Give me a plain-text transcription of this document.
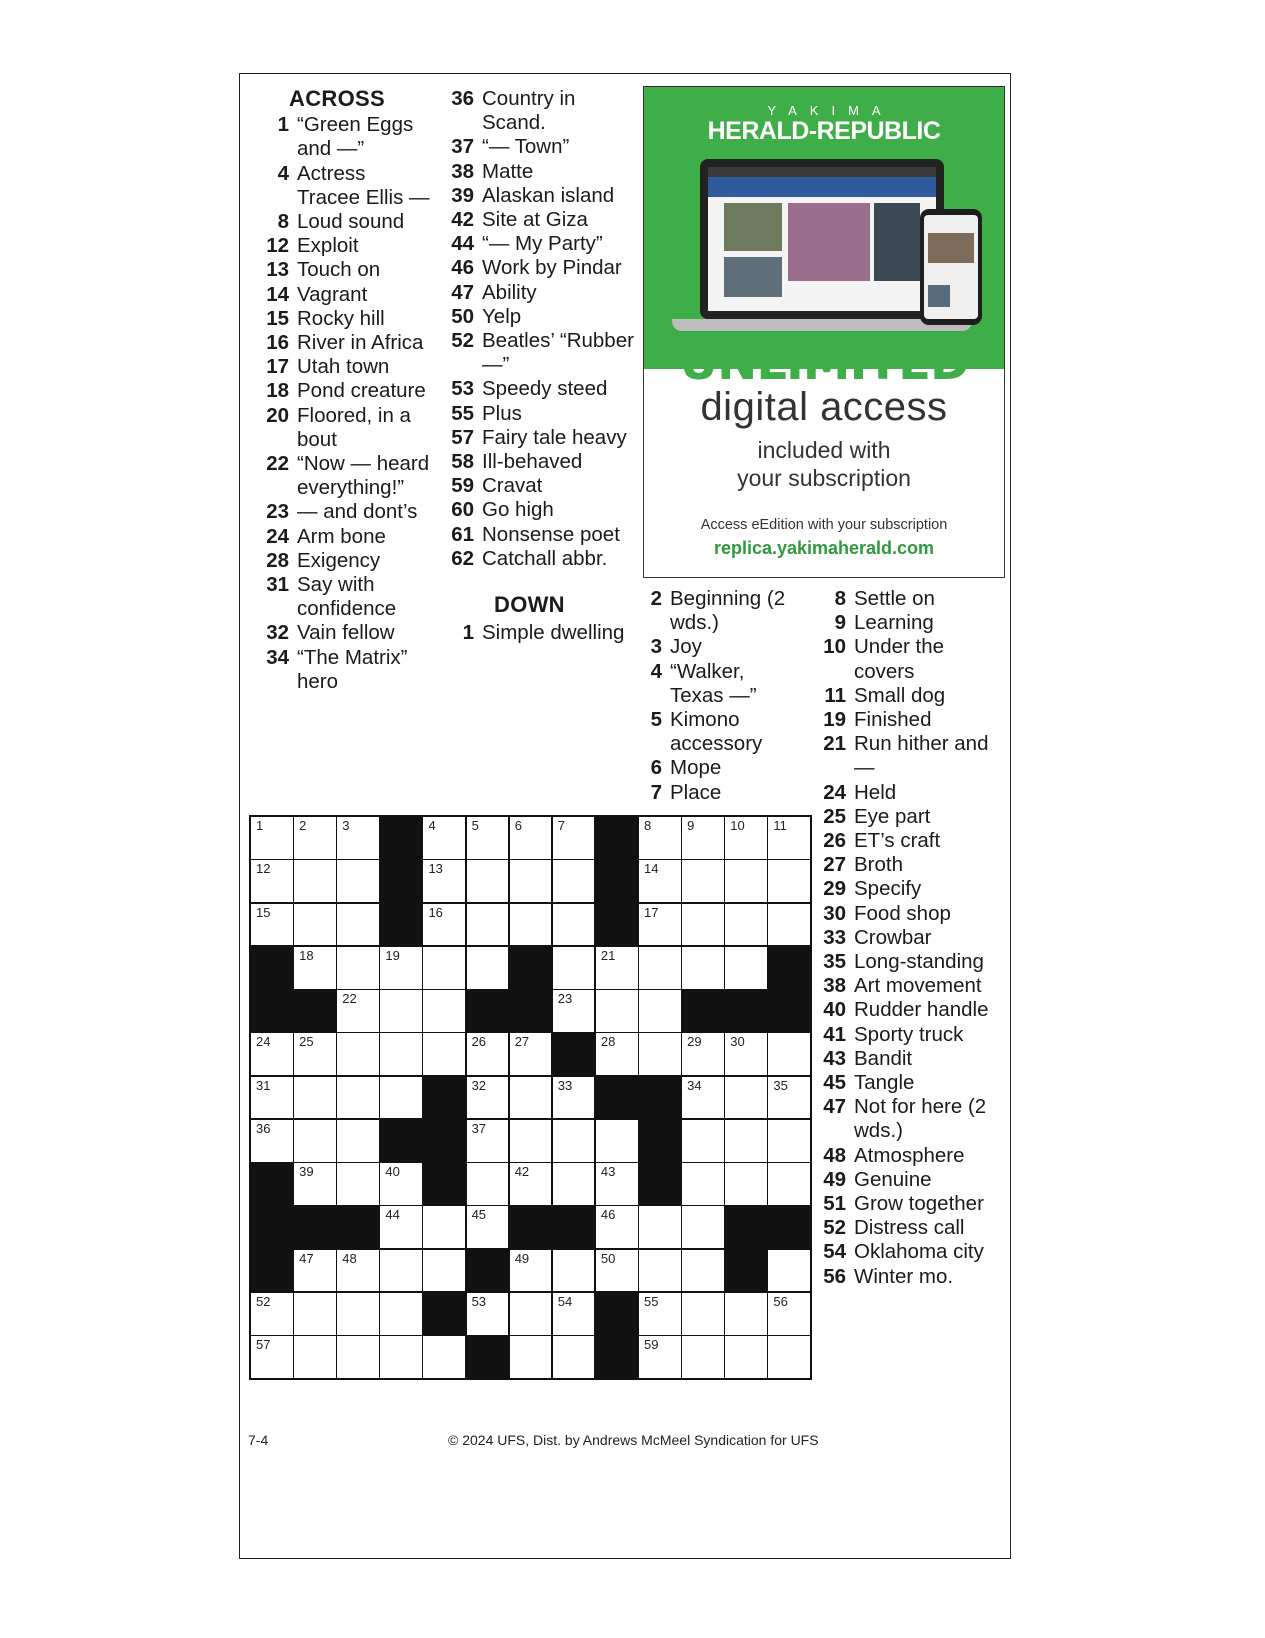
ACROSS
1 “Green Eggs and —”
4 Actress Tracee Ellis —
8 Loud sound
12 Exploit
13 Touch on
14 Vagrant
15 Rocky hill
16 River in Africa
17 Utah town
18 Pond creature
20 Floored, in a bout
22 “Now — heard everything!”
23 — and dont’s
24 Arm bone
28 Exigency
31 Say with confidence
32 Vain fellow
34 “The Matrix” hero
36 Country in Scand.
37 “— Town”
38 Matte
39 Alaskan island
42 Site at Giza
44 “— My Party”
46 Work by Pindar
47 Ability
50 Yelp
52 Beatles’ “Rubber —”
53 Speedy steed
55 Plus
57 Fairy tale heavy
58 Ill-behaved
59 Cravat
60 Go high
61 Nonsense poet
62 Catchall abbr.
DOWN
1 Simple dwelling
2 Beginning (2 wds.)
3 Joy
4 “Walker, Texas —”
5 Kimono accessory
6 Mope
7 Place
8 Settle on
9 Learning
10 Under the covers
11 Small dog
19 Finished
21 Run hither and —
24 Held
25 Eye part
26 ET’s craft
27 Broth
29 Specify
30 Food shop
33 Crowbar
35 Long-standing
38 Art movement
40 Rudder handle
41 Sporty truck
43 Bandit
45 Tangle
47 Not for here (2 wds.)
48 Atmosphere
49 Genuine
51 Grow together
52 Distress call
54 Oklahoma city
56 Winter mo.
YAKIMA
HERALD-REPUBLIC
UNLIMITED
digital access
included with
your subscription
Access eEdition with your subscription
replica.yakimaherald.com
1	2	3	4	5	6	7	8	9	10 11
12	13	14
15	16	17
18	19	21
22	23
24 25	26 27	28	29 30
31	32	33	34	35
36	37
39	40	42	43
44	45	46
47 48	49	50
52	53	54	55	56
57	59
7-4	© 2024 UFS, Dist. by Andrews McMeel Syndication for UFS
